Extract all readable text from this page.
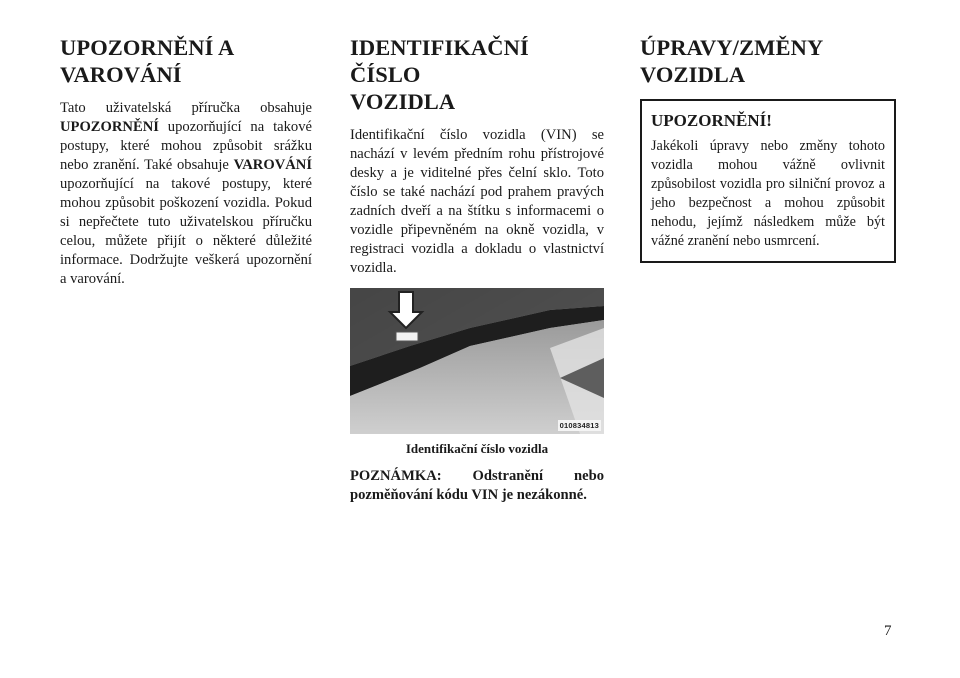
UPOZORNĚNÍ A
VAROVÁNÍ

Tato uživatelská příručka obsahuje UPOZORNĚNÍ upozorňující na takové postupy, které mohou způsobit srážku nebo zranění. Také obsahuje VAROVÁNÍ upozorňující na takové postupy, které mohou způsobit poškození vozidla. Pokud si nepřečtete tuto uživatelskou příručku celou, můžete přijít o některé důležité informace. Dodržujte veškerá upozornění a varování.

IDENTIFIKAČNÍ ČÍSLO
VOZIDLA

Identifikační číslo vozidla (VIN) se nachází v levém předním rohu přístrojové desky a je viditelné přes čelní sklo. Toto číslo se také nachází pod prahem pravých zadních dveří a na štítku s informacemi o vozidle připevněném na okně vozidla, v registraci vozidla a dokladu o vlastnictví vozidla.

010834813
Identifikační číslo vozidla

POZNÁMKA: Odstranění nebo

pozměňování kódu VIN je nezákonné.
ÚPRAVY/ZMĚNY
VOZIDLA
UPOZORNĚNÍ!

Jakékoli úpravy nebo změny tohoto vozidla mohou vážně ovlivnit způsobilost vozidla pro silniční provoz a jeho bezpečnost a mohou způsobit nehodu, jejímž následkem může být vážné zranění nebo usmrcení.

7
